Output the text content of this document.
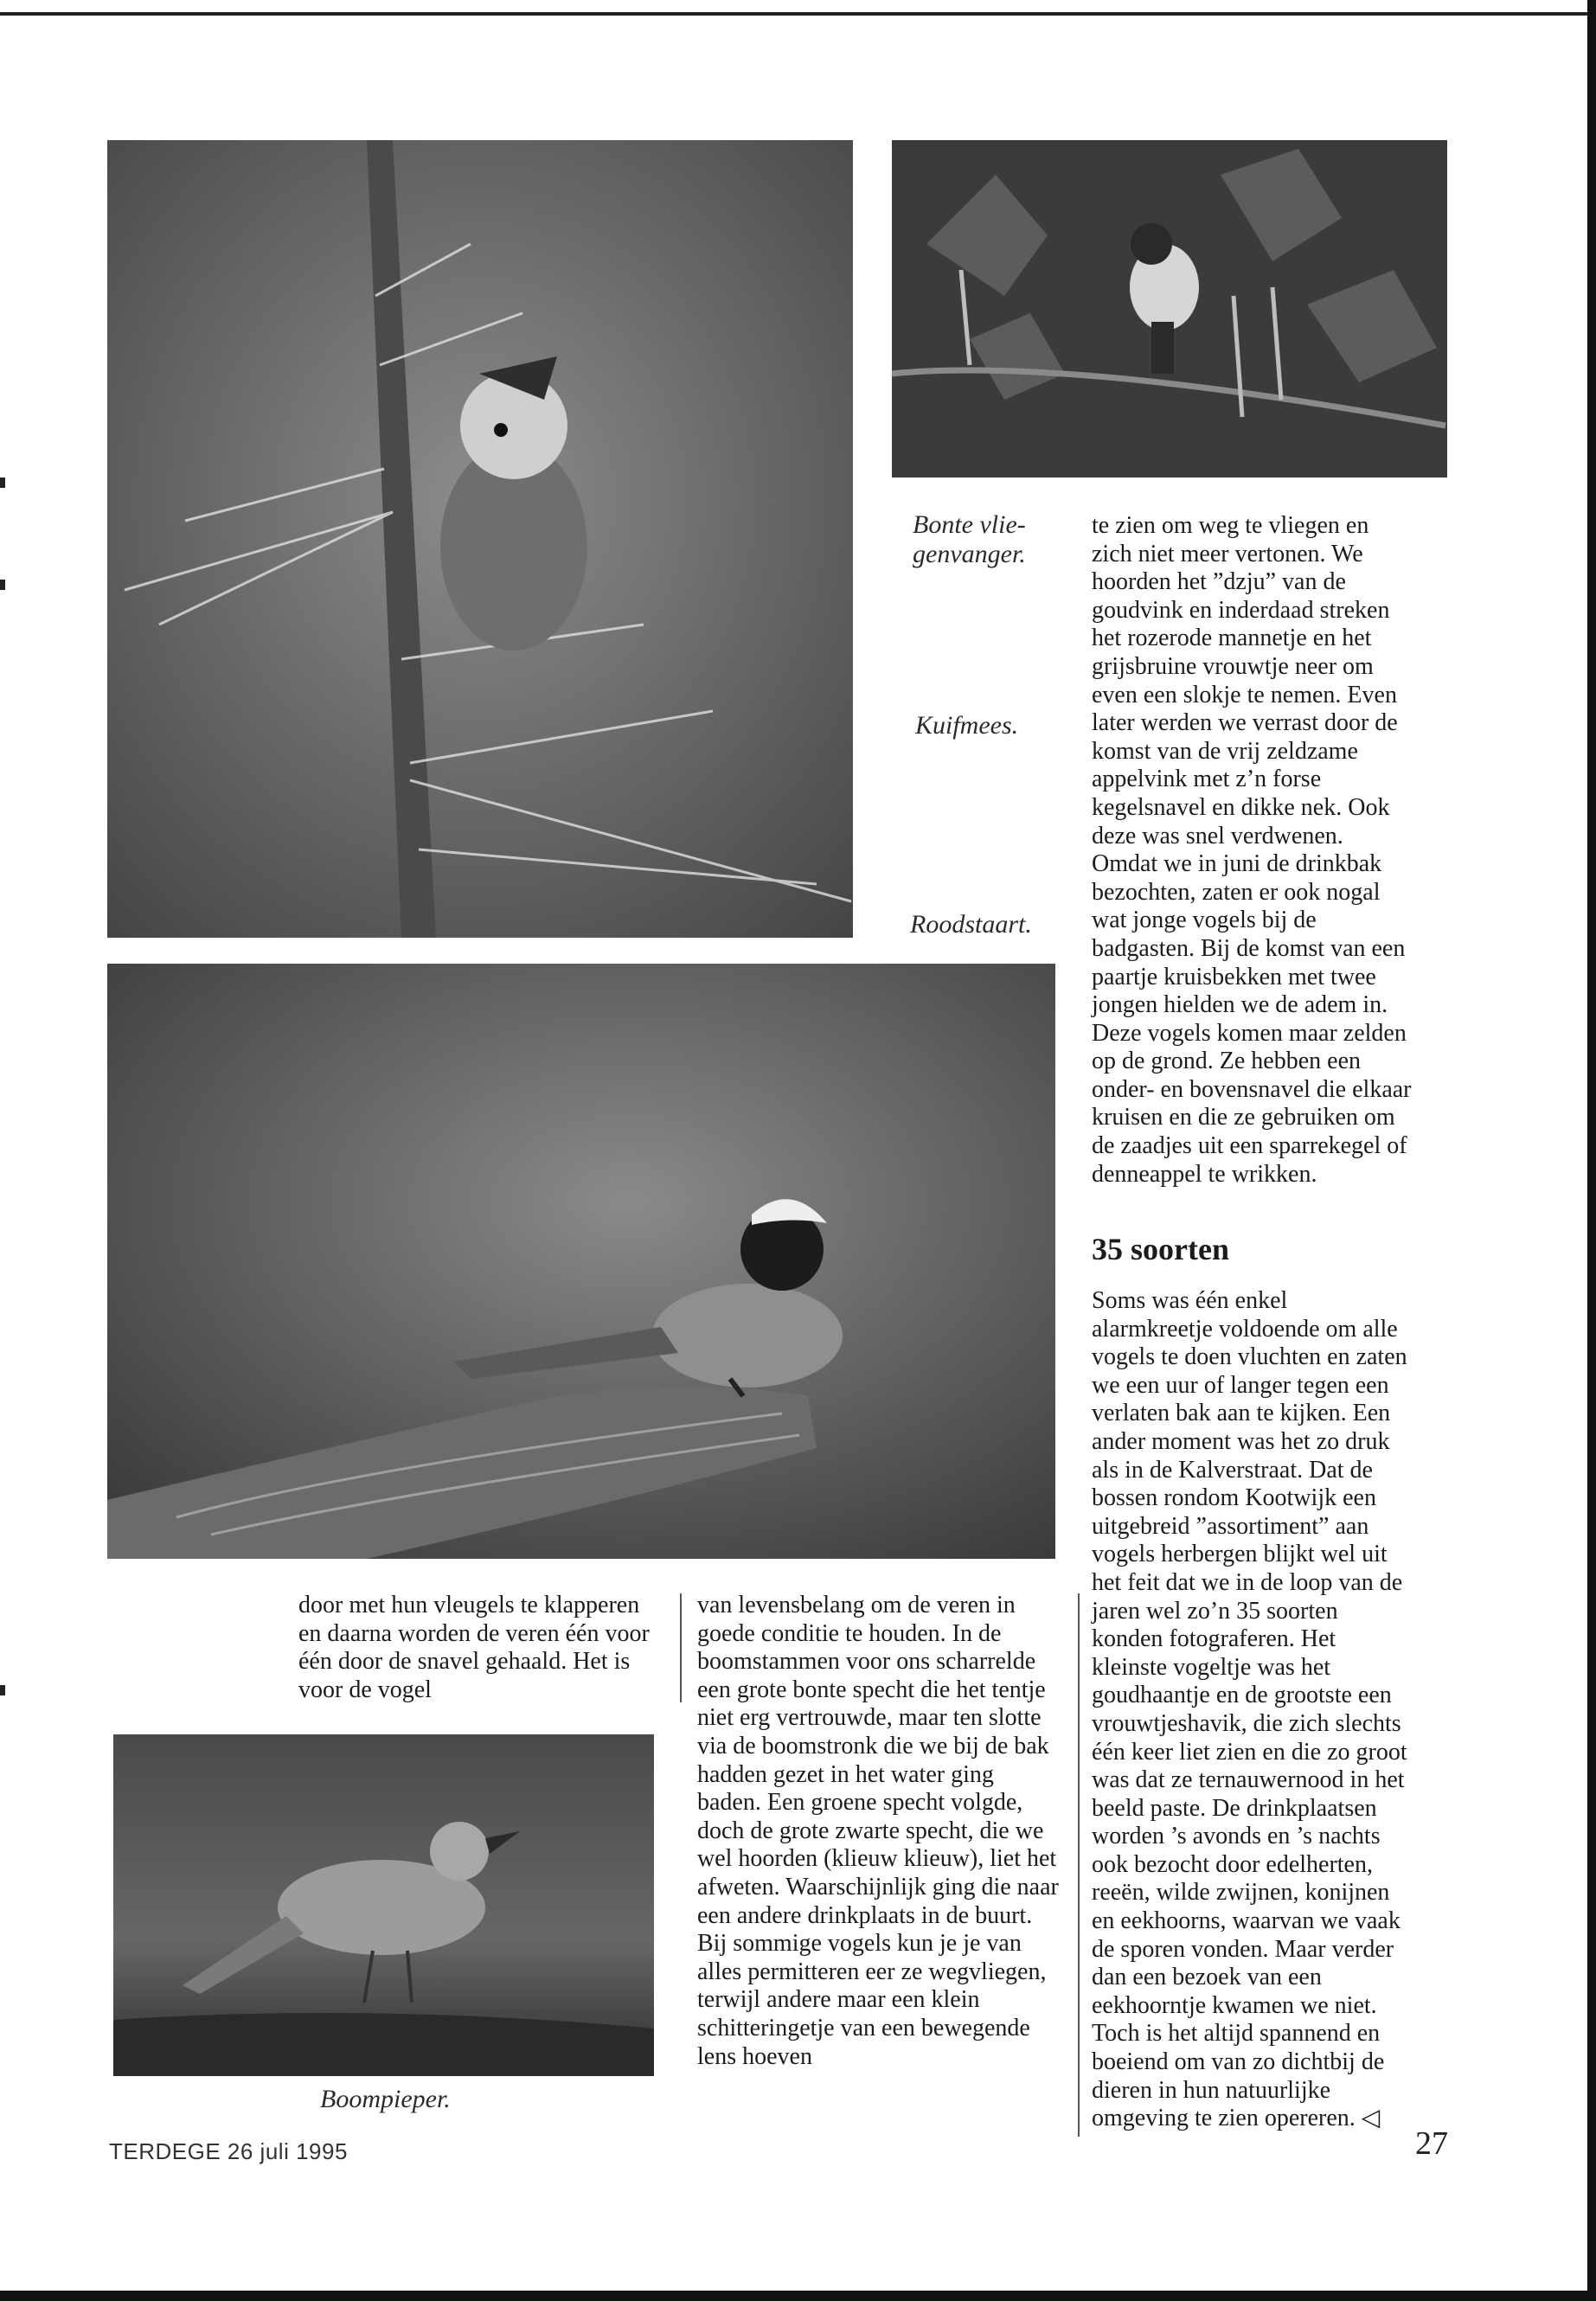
Bonte vlie-
genvanger.
Kuifmees.
Roodstaart.
Boompieper.

te zien om weg te vliegen en zich niet meer vertonen. We hoorden het ”dzju” van de goudvink en inderdaad streken het rozerode mannetje en het grijsbruine vrouwtje neer om even een slokje te nemen. Even later werden we verrast door de komst van de vrij zeldzame appelvink met z’n forse kegelsnavel en dikke nek. Ook deze was snel verdwenen. Omdat we in juni de drinkbak bezochten, zaten er ook nogal wat jonge vogels bij de badgasten. Bij de komst van een paartje kruisbekken met twee jongen hielden we de adem in. Deze vogels komen maar zelden op de grond. Ze hebben een onder- en bovensnavel die elkaar kruisen en die ze gebruiken om de zaadjes uit een sparrekegel of denneappel te wrikken.

35 soorten

Soms was één enkel alarmkreetje voldoende om alle vogels te doen vluchten en zaten we een uur of langer tegen een verlaten bak aan te kijken. Een ander moment was het zo druk als in de Kalverstraat. Dat de bossen rondom Kootwijk een uitgebreid ”assortiment” aan vogels herbergen blijkt wel uit het feit dat we in de loop van de jaren wel zo’n 35 soorten konden fotograferen. Het kleinste vogeltje was het goudhaantje en de grootste een vrouwtjeshavik, die zich slechts één keer liet zien en die zo groot was dat ze ternauwernood in het beeld paste. De drinkplaatsen worden ’s avonds en ’s nachts ook bezocht door edelherten, reeën, wilde zwijnen, konijnen en eekhoorns, waarvan we vaak de sporen vonden. Maar verder dan een bezoek van een eekhoorntje kwamen we niet. Toch is het altijd spannend en boeiend om van zo dichtbij de dieren in hun natuurlijke omgeving te zien opereren. ◁

door met hun vleugels te klapperen en daarna worden de veren één voor één door de snavel gehaald. Het is voor de vogel

van levensbelang om de veren in goede conditie te houden. In de boomstammen voor ons scharrelde een grote bonte specht die het tentje niet erg vertrouwde, maar ten slotte via de boomstronk die we bij de bak hadden gezet in het water ging baden. Een groene specht volgde, doch de grote zwarte specht, die we wel hoorden (klieuw klieuw), liet het afweten. Waarschijnlijk ging die naar een andere drinkplaats in de buurt. Bij sommige vogels kun je je van alles permitteren eer ze wegvliegen, terwijl andere maar een klein schitteringetje van een bewegende lens hoeven

TERDEGE 26 juli 1995	27
